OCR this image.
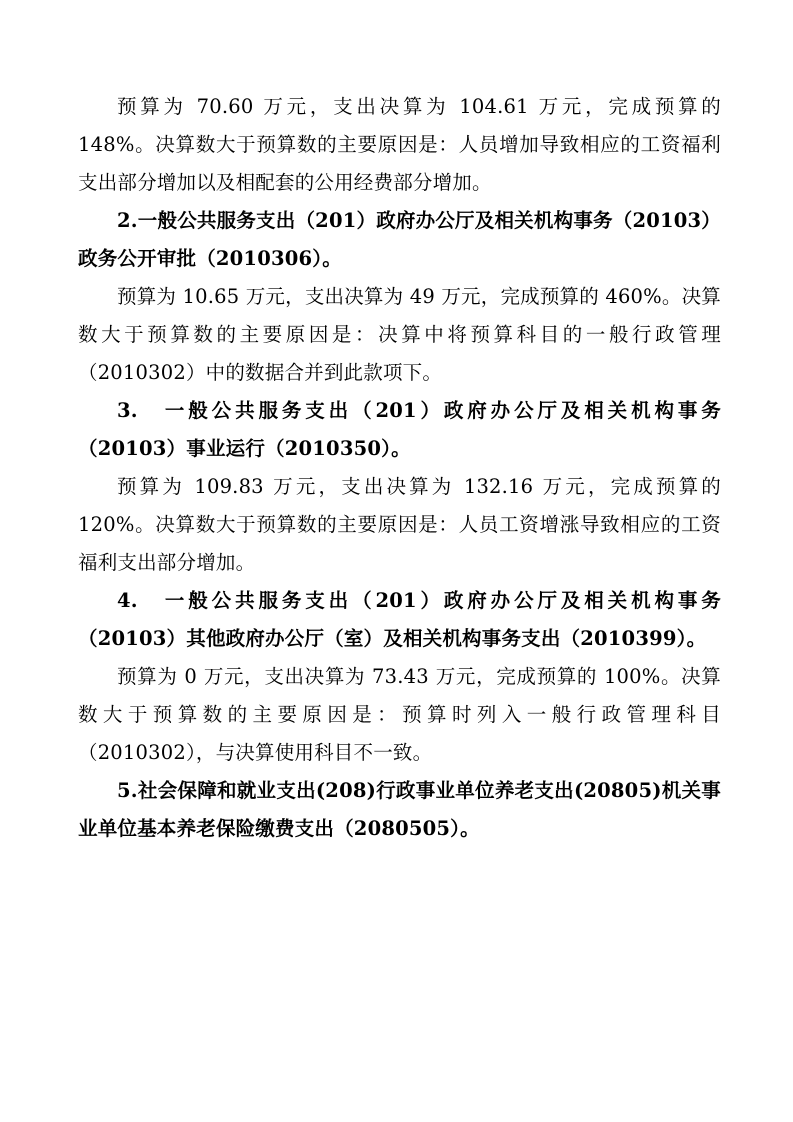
预算为 70.60 万元，支出决算为 104.61 万元，完成预算的 148%。决算数大于预算数的主要原因是：人员增加导致相应的工资福利支出部分增加以及相配套的公用经费部分增加。

2.一般公共服务支出（201）政府办公厅及相关机构事务（20103）政务公开审批（2010306）。

预算为 10.65 万元，支出决算为 49 万元，完成预算的 460%。决算数大于预算数的主要原因是：决算中将预算科目的一般行政管理（2010302）中的数据合并到此款项下。

3.　一般公共服务支出（201）政府办公厅及相关机构事务（20103）事业运行（2010350）。

预算为 109.83 万元，支出决算为 132.16 万元，完成预算的 120%。决算数大于预算数的主要原因是：人员工资增涨导致相应的工资福利支出部分增加。

4.　一般公共服务支出（201）政府办公厅及相关机构事务（20103）其他政府办公厅（室）及相关机构事务支出（2010399）。

预算为 0 万元，支出决算为 73.43 万元，完成预算的 100%。决算数大于预算数的主要原因是：预算时列入一般行政管理科目（2010302），与决算使用科目不一致。

5.社会保障和就业支出(208)行政事业单位养老支出(20805)机关事业单位基本养老保险缴费支出（2080505）。
